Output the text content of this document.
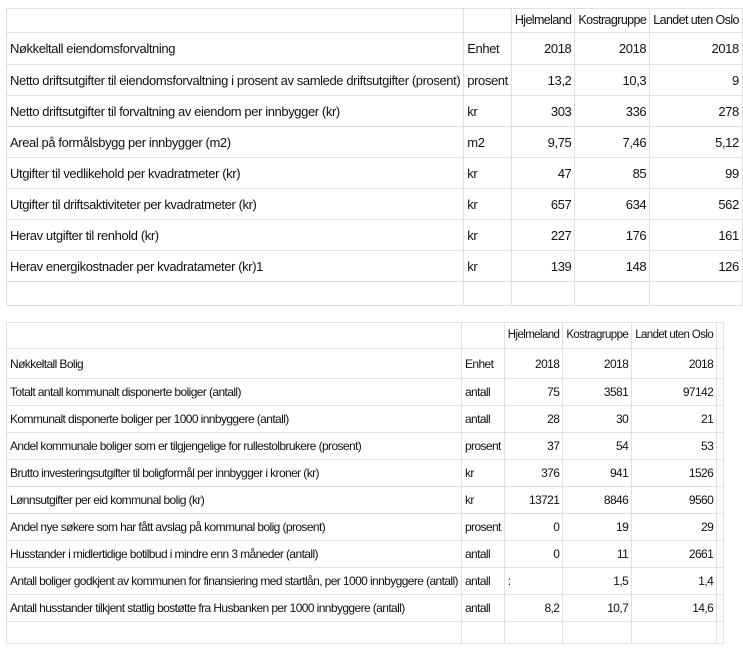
		Hjelmeland	Kostragruppe	Landet uten Oslo
Nøkkeltall eiendomsforvaltning	Enhet	2018	2018	2018
Netto driftsutgifter til eiendomsforvaltning i prosent av samlede driftsutgifter (prosent)	prosent	13,2	10,3	9
Netto driftsutgifter til forvaltning av eiendom per innbygger (kr)	kr	303	336	278
Areal på formålsbygg per innbygger (m2)	m2	9,75	7,46	5,12
Utgifter til vedlikehold per kvadratmeter (kr)	kr	47	85	99
Utgifter til driftsaktiviteter per kvadratmeter (kr)	kr	657	634	562
Herav utgifter til renhold (kr)	kr	227	176	161
Herav energikostnader per kvadratameter (kr)1	kr	139	148	126

		Hjelmeland	Kostragruppe	Landet uten Oslo	
Nøkkeltall Bolig	Enhet	2018	2018	2018	
Totalt antall kommunalt disponerte boliger (antall)	antall	75	3581	97142	
Kommunalt disponerte boliger per 1000 innbyggere (antall)	antall	28	30	21	
Andel kommunale boliger som er tilgjengelige for rullestolbrukere (prosent)	prosent	37	54	53	
Brutto investeringsutgifter til boligformål per innbygger i kroner (kr)	kr	376	941	1526	
Lønnsutgifter per eid kommunal bolig (kr)	kr	13721	8846	9560	
Andel nye søkere som har fått avslag på kommunal bolig (prosent)	prosent	0	19	29	
Husstander i midlertidige botilbud i mindre enn 3 måneder (antall)	antall	0	11	2661	
Antall boliger godkjent av kommunen for finansiering med startlån, per 1000 innbyggere (antall)	antall	:	1,5	1,4	
Antall husstander tilkjent statlig bostøtte fra Husbanken per 1000 innbyggere (antall)	antall	8,2	10,7	14,6	
